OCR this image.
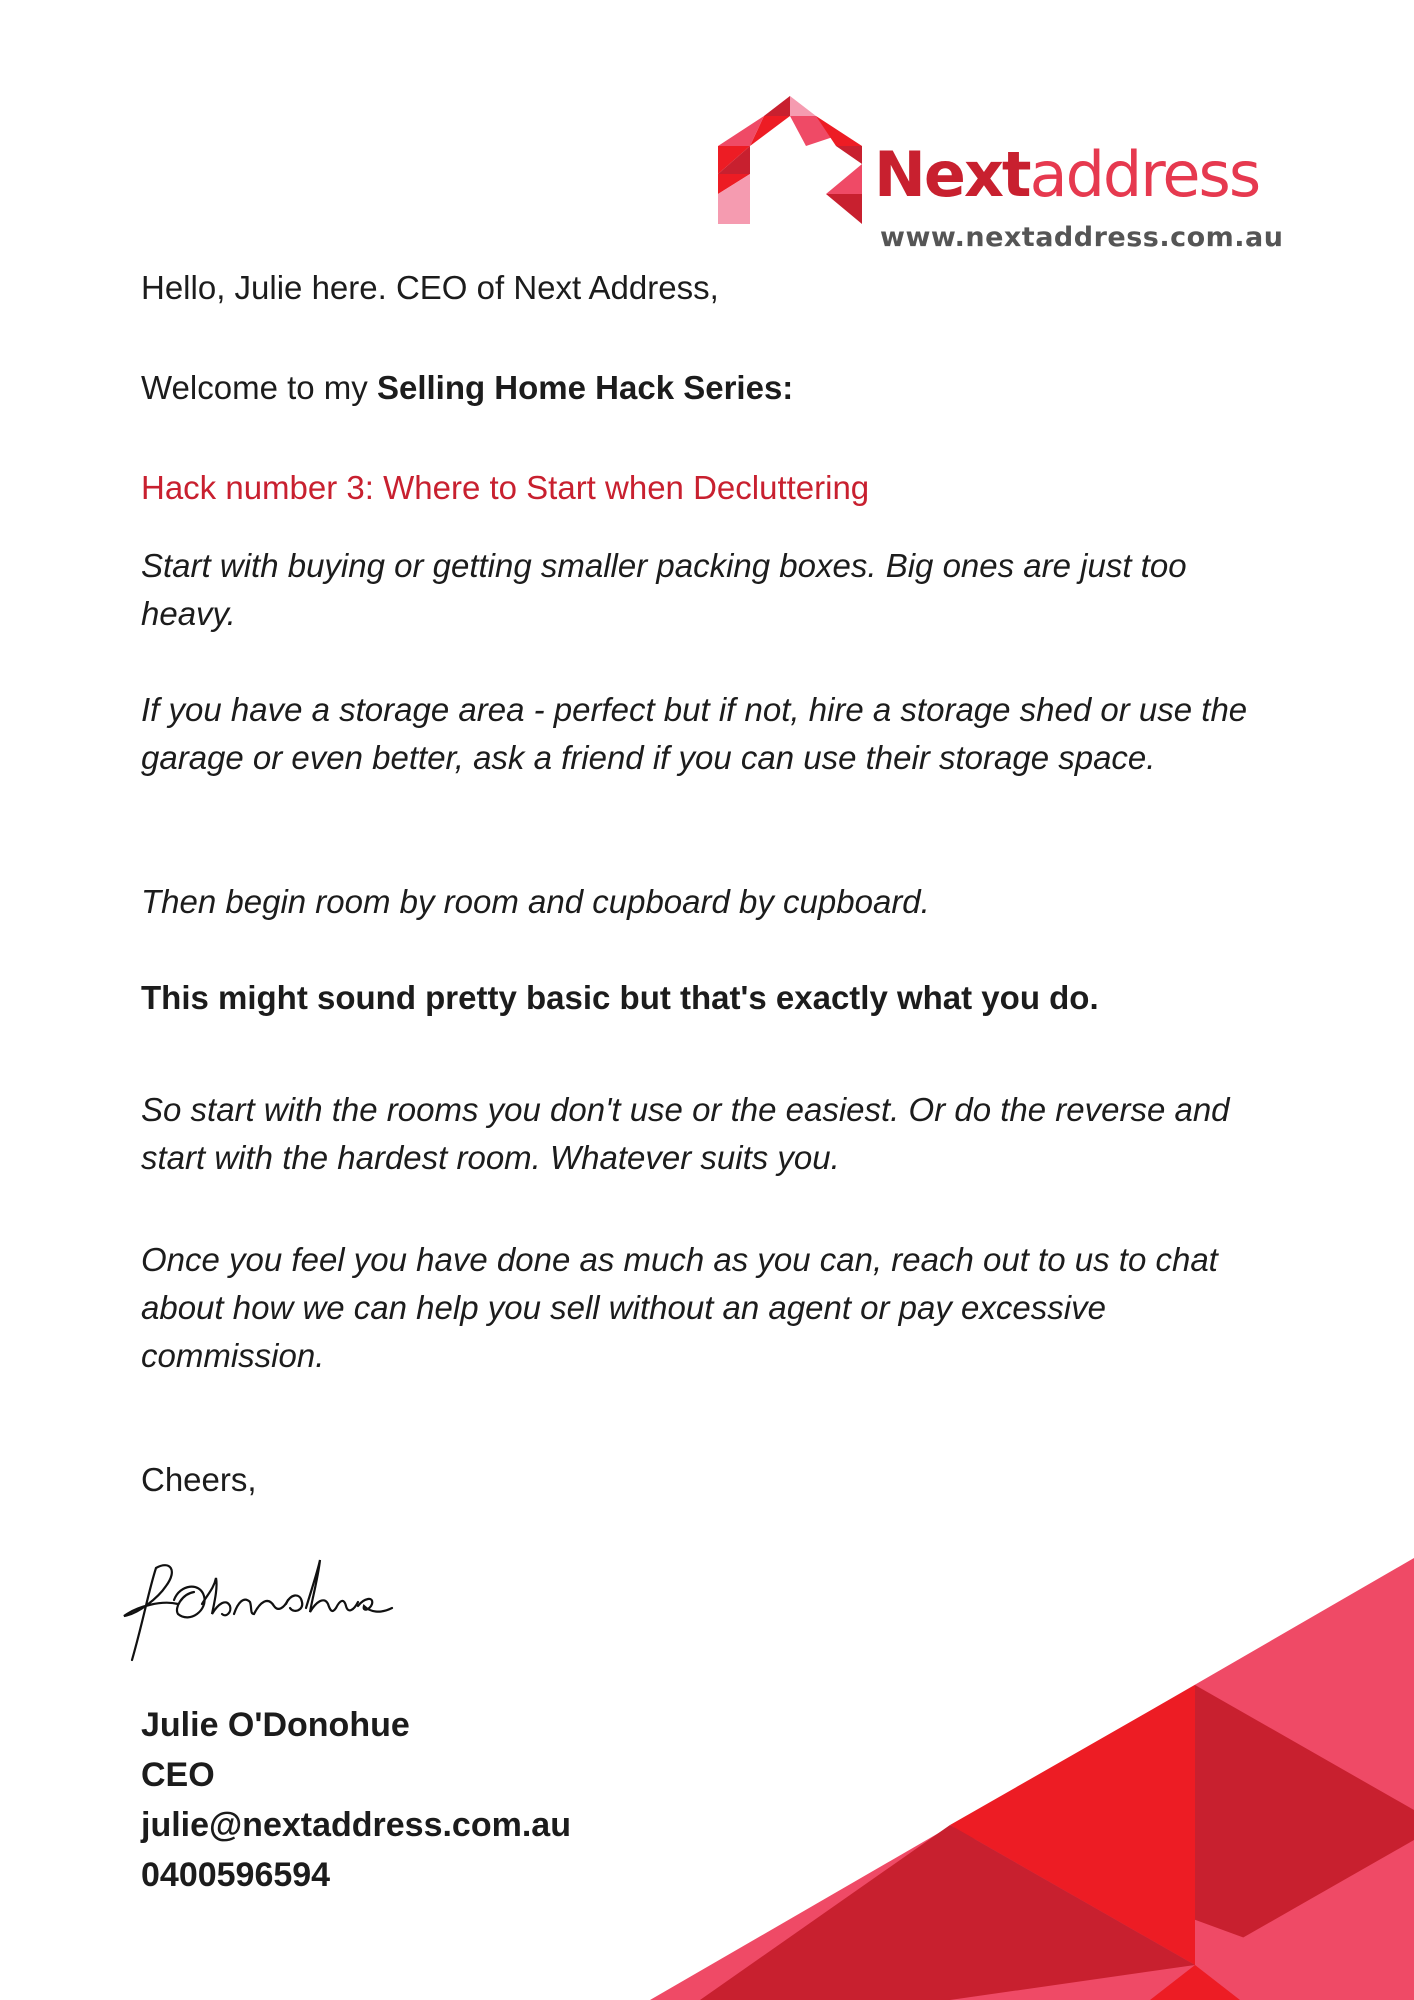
Nextaddress
www.nextaddress.com.au

Hello, Julie here. CEO of Next Address,

Welcome to my Selling Home Hack Series:

Hack number 3: Where to Start when Decluttering

Start with buying or getting smaller packing boxes. Big ones are just too heavy.

If you have a storage area - perfect but if not, hire a storage shed or use the garage or even better, ask a friend if you can use their storage space.

Then begin room by room and cupboard by cupboard.

This might sound pretty basic but that's exactly what you do.

So start with the rooms you don't use or the easiest. Or do the reverse and start with the hardest room. Whatever suits you.

Once you feel you have done as much as you can, reach out to us to chat about how we can help you sell without an agent or pay excessive commission.

Cheers,

Julie O'Donohue
CEO
julie@nextaddress.com.au
0400596594
